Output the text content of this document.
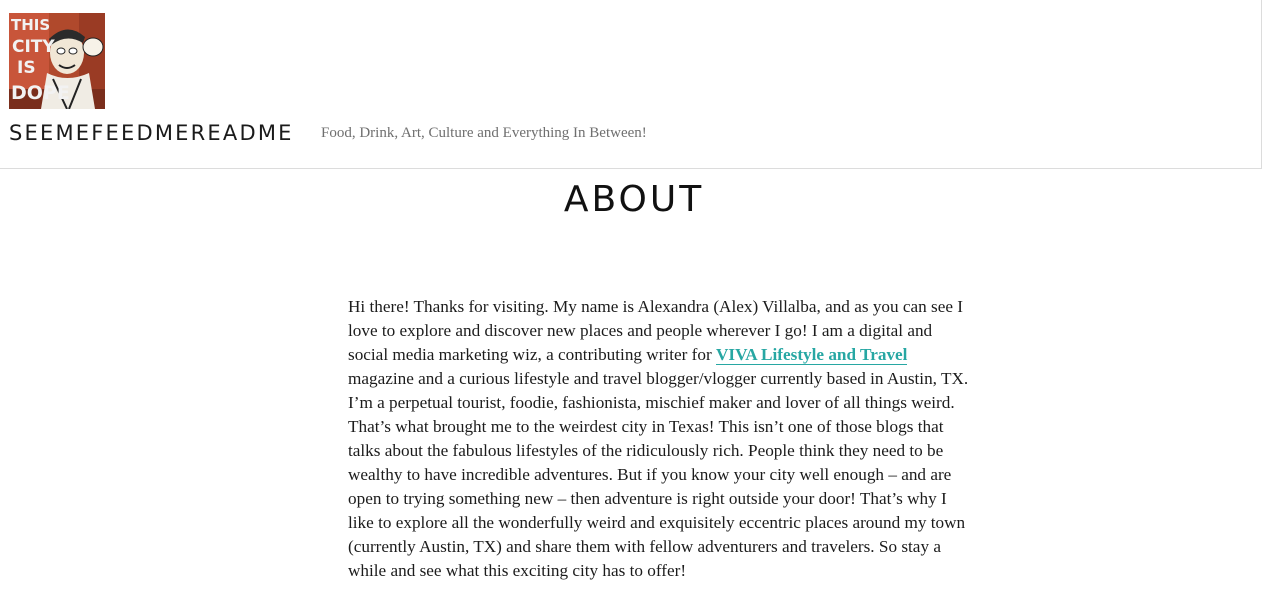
THIS
CITY
IS
DOPE
SEEMEFEEDMEREADME Food, Drink, Art, Culture and Everything In Between!
ABOUT

Hi there! Thanks for visiting. My name is Alexandra (Alex) Villalba, and as you can see I love to explore and discover new places and people wherever I go! I am a digital and social media marketing wiz, a contributing writer for VIVA Lifestyle and Travel magazine and a curious lifestyle and travel blogger/vlogger currently based in Austin, TX. I’m a perpetual tourist, foodie, fashionista, mischief maker and lover of all things weird. That’s what brought me to the weirdest city in Texas! This isn’t one of those blogs that talks about the fabulous lifestyles of the ridiculously rich. People think they need to be wealthy to have incredible adventures. But if you know your city well enough – and are open to trying something new – then adventure is right outside your door! That’s why I like to explore all the wonderfully weird and exquisitely eccentric places around my town (currently Austin, TX) and share them with fellow adventurers and travelers. So stay a while and see what this exciting city has to offer!
